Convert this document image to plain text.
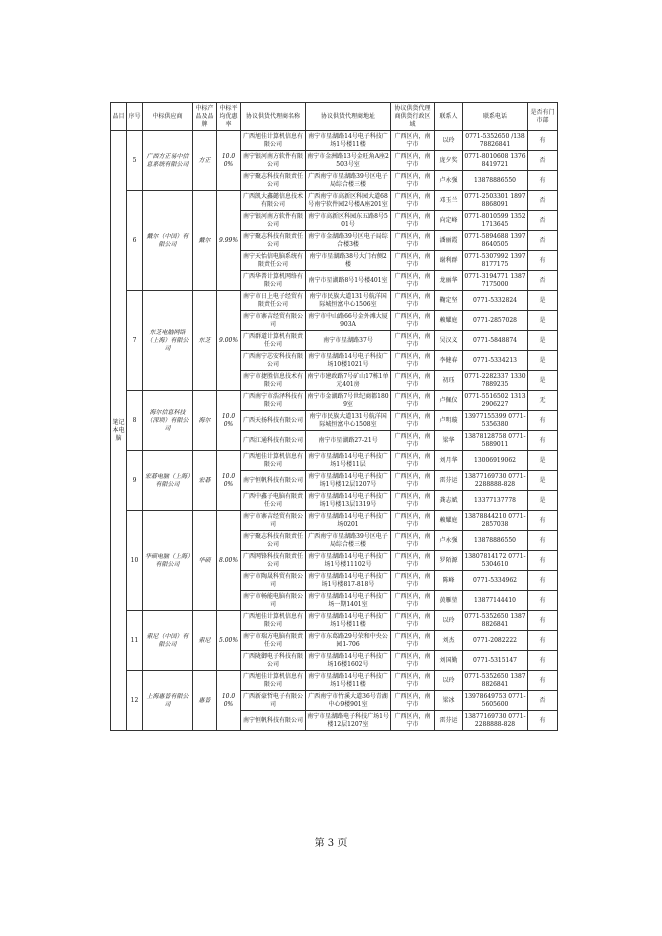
品目	序号	中标供应商	中标产品及品牌	中标平均优惠率	协议供货代理商名称	协议供货代理商地址	协议供货代理商供货行政区域	联系人	联系电话	是否有门市部
笔记本电脑	5	广西方正易中信息系统有限公司	方正	10.00%	广西旭佳计算机信息有限公司	南宁市星湖路14号电子科技广场1号楼11楼	广西区内，南宁市	以玲	0771-5352650 /13878826841	有
					南宁银河南方软件有限公司	南宁市金洲路13号金旺角A座2503号室	广西区内，南宁市	庞夕奖	0771-8010608 13768419721	否
					南宁聚志科技有限责任公司	广西南宁市星湖路39号区电子局综合楼三楼	广西区内，南宁市	卢永强	13878886550	有
	6	戴尔（中国）有限公司	戴尔	9.99%	广西凯大鑫懿信息技术有限公司	广西南宁市高新区科园大道68号南宁软件园2号楼A座201室	广西区内，南宁市	邓玉兰	0771-2503301 18978868091	否
					南宁银河南方软件有限公司	南宁市高新区科园东五路8号501号	广西区内，南宁市	向定峰	0771-8010599 13521713645	否
					南宁聚志科技有限责任公司	南宁市金湖路39号区电子局综合楼3楼	广西区内，南宁市	潘丽霞	0771-5894688 13978640505	否
					南宁天怡信电脑系统有限责任公司	南宁市星湖路38号大门右侧2楼	广西区内，南宁市	谢利群	0771-5307992 13978177175	有
					广西华普计算机网络有限公司	南宁市星湖路8号1号楼401室	广西区内，南宁市	龙丽华	0771-3194771 13877175000	否
	7	东芝电脑网络（上海）有限公司	东芝	9.00%	南宁市日上电子经贸有限责任公司	南宁市民族大道131号航洋国际城恒富中心1506室	广西区内，南宁市	鞠定坚	0771-5332824	是
					南宁市寨吉经贸有限公司	南宁市中山路66号金外滩大厦903A	广西区内，南宁市	赖耀庭	0771-2857028	是
					广西群道计算机有限责任公司	南宁市星湖路37号	广西区内，南宁市	吴汉义	0771-5848874	是
					广西南宁芯安科技有限公司	南宁市星湖路14号电子科技广场10楼1021号	广西区内，南宁市	李健春	0771-5334213	是
					南宁市捷胜信息技术有限公司	南宁市建政路7号矿山17栋1单元401房	广西区内，南宁市	初珏	0771-2282337 13307889235	是
	8	海尔信息科技（深圳）有限公司	海尔	10.00%	广西南宁市浩泽科技有限公司	南宁市金湖路7号世纪商都1809室	广西区内，南宁市	卢佩仪	0771-5516502 13132906227	无
					广西天扬科技有限公司	南宁市民族大道131号航洋国际城恒富中心1508室	广西区内，南宁市	卢明璇	13977155399 0771-5356380	有
					广西江通科技有限公司	南宁市星湖路27-21号	广西区内，南宁市	梁华	13878128758 0771-5889011	有
	9	宏碁电脑（上海）有限公司	宏碁	10.00%	广西旭佳计算机信息有限公司	南宁市星湖路14号电子科技广场1号楼11层	广西区内，南宁市	刘月华	13006919062	是
					南宁恒帆科技有限公司	南宁市星湖路14号电子科技广场1号楼12层1207号	广西区内，南宁市	雷芬运	13877169730 0771-2288888-828	是
					广西中鑫子电脑有限责任公司	南宁市星湖路14号电子科技广场1号楼13层1319号	广西区内，南宁市	龚志斌	13377137778	是
	10	华硕电脑（上海）有限公司	华硕	8.00%	南宁市寨吉经贸有限公司	南宁市星湖路14号电子科技广场0201	广西区内，南宁市	赖耀庭	13878844210 0771-2857038	有
					南宁聚志科技有限责任公司	广西南宁市星湖路39号区电子局综合楼三楼	广西区内，南宁市	卢永强	13878886550	有
					广西网锋科技有限责任公司	南宁市星湖路14号电子科技广场1号楼11102号	广西区内，南宁市	罗陌源	13807814172 0771-5304610	有
					南宁市陶晟科贸有限公司	南宁市星湖路14号电子科技广场1号楼817-818号	广西区内，南宁市	陈峰	0771-5334962	有
					南宁市畅能电脑有限公司	南宁市星湖路14号电子科技广场一期1401室	广西区内，南宁市	黄雁堃	13877144410	有
	11	索尼（中国）有限公司	索尼	5.00%	广西旭佳计算机信息有限公司	南宁市星湖路14号电子科技广场1号楼11楼	广西区内，南宁市	以玲	0771-5352650 13878826841	有
					南宁市瑞方电脑有限责任公司	南宁市东葛路29号荣和中央公园1-706	广西区内，南宁市	刘杰	0771-2082222	有
					广西陇御电子科技有限公司	南宁市星湖路14号电子科技广场16楼1602号	广西区内，南宁市	刘国勤	0771-5315147	有
	12	上海惠普有限公司	惠普	10.00%	广西旭佳计算机信息有限公司	南宁市星湖路14号电子科技广场1号楼11楼	广西区内，南宁市	以玲	0771-5352650 13878826841	有
					广西新豪哲电子有限公司	广西南宁市竹溪大道36号青湖中心9楼901室	广西区内，南宁市	梁冰	13978649753 0771-5605600	否
					南宁恒帆科技有限公司	南宁市星湖路电子科技广场1号楼12层1207室	广西区内，南宁市	雷芬运	13877169730 0771-2288888-828	有
第 3 页
